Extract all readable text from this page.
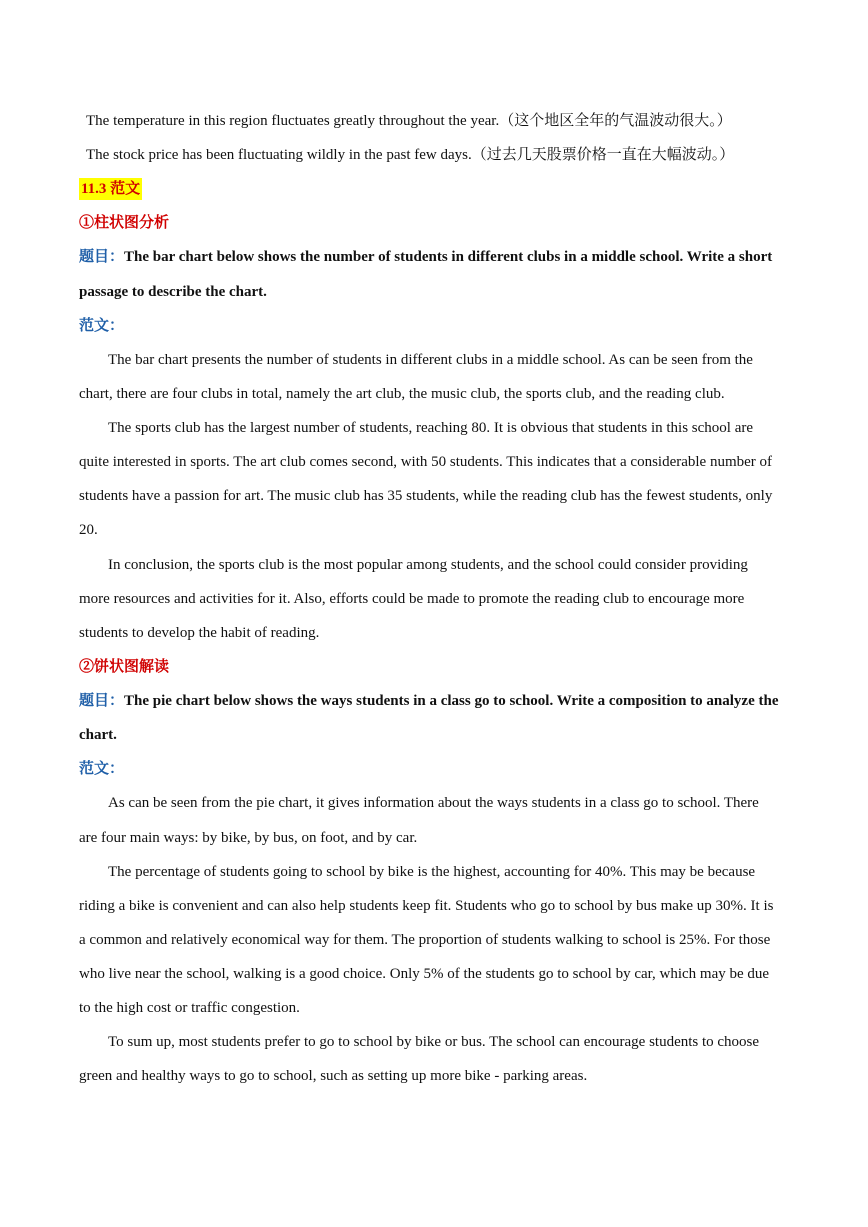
The temperature in this region fluctuates greatly throughout the year.（这个地区全年的气温波动很大。）
The stock price has been fluctuating wildly in the past few days.（过去几天股票价格一直在大幅波动。）
11.3 范文
①柱状图分析
题目：The bar chart below shows the number of students in different clubs in a middle school. Write a short
passage to describe the chart.
范文：
The bar chart presents the number of students in different clubs in a middle school. As can be seen from the
chart, there are four clubs in total, namely the art club, the music club, the sports club, and the reading club.
The sports club has the largest number of students, reaching 80. It is obvious that students in this school are
quite interested in sports. The art club comes second, with 50 students. This indicates that a considerable number of
students have a passion for art. The music club has 35 students, while the reading club has the fewest students, only
20.
In conclusion, the sports club is the most popular among students, and the school could consider providing
more resources and activities for it. Also, efforts could be made to promote the reading club to encourage more
students to develop the habit of reading.
②饼状图解读
题目：The pie chart below shows the ways students in a class go to school. Write a composition to analyze the
chart.
范文：
As can be seen from the pie chart, it gives information about the ways students in a class go to school. There
are four main ways: by bike, by bus, on foot, and by car.
The percentage of students going to school by bike is the highest, accounting for 40%. This may be because
riding a bike is convenient and can also help students keep fit. Students who go to school by bus make up 30%. It is
a common and relatively economical way for them. The proportion of students walking to school is 25%. For those
who live near the school, walking is a good choice. Only 5% of the students go to school by car, which may be due
to the high cost or traffic congestion.
To sum up, most students prefer to go to school by bike or bus. The school can encourage students to choose
green and healthy ways to go to school, such as setting up more bike - parking areas.
